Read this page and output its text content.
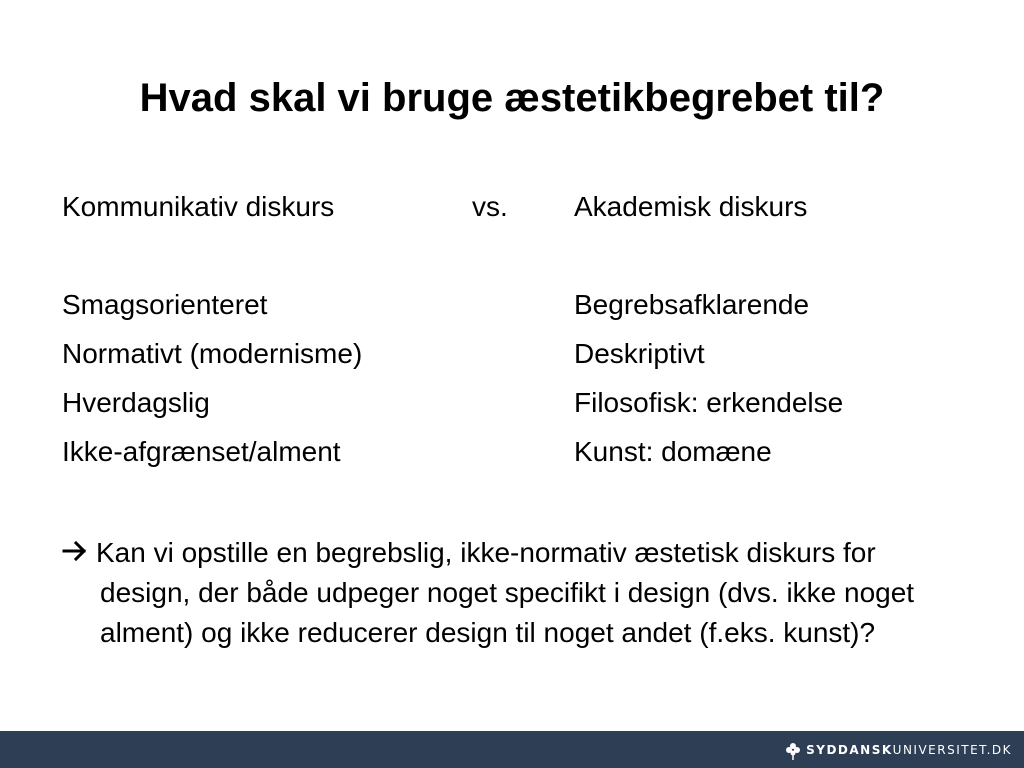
Hvad skal vi bruge æstetikbegrebet til?
Kommunikativ diskurs	vs. Akademisk diskurs
Smagsorienteret	Begrebsafklarende
Normativt (modernisme)	Deskriptivt
Hverdagslig	Filosofisk: erkendelse
Ikke-afgrænset/alment	Kunst: domæne
Kan vi opstille en begrebslig, ikke-normativ æstetisk diskurs for
design, der både udpeger noget specifikt i design (dvs. ikke noget alment) og ikke reducerer design til noget andet (f.eks. kunst)?
SYDDANSK UNIVERSITET.DK
